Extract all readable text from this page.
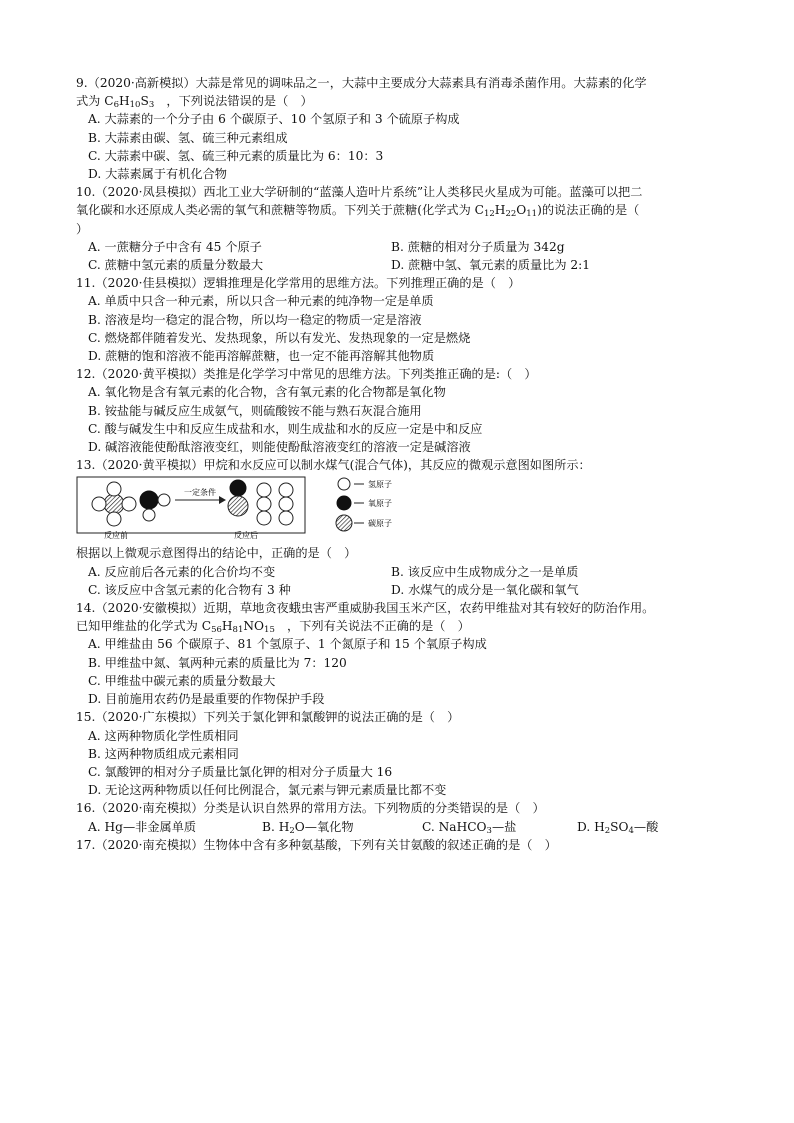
9.（2020·高新模拟）大蒜是常见的调味品之一，大蒜中主要成分大蒜素具有消毒杀菌作用。大蒜素的化学
式为 $C_6H_{10}S_3$　，下列说法错误的是（　）
A. 大蒜素的一个分子由 6 个碳原子、10 个氢原子和 3 个硫原子构成
B. 大蒜素由碳、氢、硫三种元素组成
C. 大蒜素中碳、氢、硫三种元素的质量比为 6：10：3
D. 大蒜素属于有机化合物
10.（2020·凤县模拟）西北工业大学研制的“蓝藻人造叶片系统”让人类移民火星成为可能。蓝藻可以把二
氧化碳和水还原成人类必需的氧气和蔗糖等物质。下列关于蔗糖(化学式为 $C_{12}H_{22}O_{11}$)的说法正确的是（
）
A. 一蔗糖分子中含有 45 个原子	B. 蔗糖的相对分子质量为 342g
C. 蔗糖中氢元素的质量分数最大	D. 蔗糖中氢、氧元素的质量比为 2:1
11.（2020·佳县模拟）逻辑推理是化学常用的思维方法。下列推理正确的是（　）
A. 单质中只含一种元素，所以只含一种元素的纯净物一定是单质
B. 溶液是均一稳定的混合物，所以均一稳定的物质一定是溶液
C. 燃烧都伴随着发光、发热现象，所以有发光、发热现象的一定是燃烧
D. 蔗糖的饱和溶液不能再溶解蔗糖，也一定不能再溶解其他物质
12.（2020·黄平模拟）类推是化学学习中常见的思维方法。下列类推正确的是:（　）
A. 氧化物是含有氧元素的化合物，含有氧元素的化合物都是氧化物
B. 铵盐能与碱反应生成氨气，则硫酸铵不能与熟石灰混合施用
C. 酸与碱发生中和反应生成盐和水，则生成盐和水的反应一定是中和反应
D. 碱溶液能使酚酞溶液变红，则能使酚酞溶液变红的溶液一定是碱溶液
13.（2020·黄平模拟）甲烷和水反应可以制水煤气(混合气体)，其反应的微观示意图如图所示：
一定条件
反应前	反应后
氢原子
氧原子
碳原子
根据以上微观示意图得出的结论中，正确的是（　）
A. 反应前后各元素的化合价均不变	B. 该反应中生成物成分之一是单质
C. 该反应中含氢元素的化合物有 3 种	D. 水煤气的成分是一氧化碳和氧气
14.（2020·安徽模拟）近期，草地贪夜蛾虫害严重威胁我国玉米产区，农药甲维盐对其有较好的防治作用。
已知甲维盐的化学式为 $C_{56}H_{81}NO_{15}$　，下列有关说法不正确的是（　）
A. 甲维盐由 56 个碳原子、81 个氢原子、1 个氮原子和 15 个氧原子构成
B. 甲维盐中氮、氧两种元素的质量比为 7：120
C. 甲维盐中碳元素的质量分数最大
D. 目前施用农药仍是最重要的作物保护手段
15.（2020·广东模拟）下列关于氯化钾和氯酸钾的说法正确的是（　）
A. 这两种物质化学性质相同
B. 这两种物质组成元素相同
C. 氯酸钾的相对分子质量比氯化钾的相对分子质量大 16
D. 无论这两种物质以任何比例混合，氯元素与钾元素质量比都不变
16.（2020·南充模拟）分类是认识自然界的常用方法。下列物质的分类错误的是（　）
A. Hg—非金属单质	B. $H_2O—$氧化物	C. NaHCO$_3$—盐	D. $H_2SO_4—$酸
17.（2020·南充模拟）生物体中含有多种氨基酸，下列有关甘氨酸的叙述正确的是（　）
